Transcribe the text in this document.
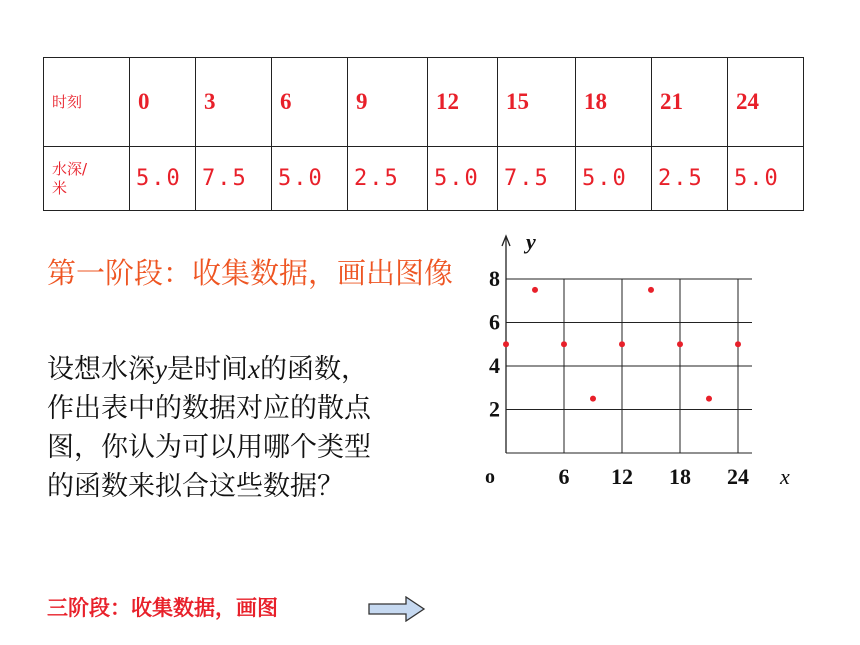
时刻	0	3	6	9	12	15	18	21	24

水深/
米	5.0	7.5	5.0	2.5	5.0	7.5	5.0	2.5	5.0
第一阶段：收集数据，画出图像
设想水深y是时间x的函数，作出表中的数据对应的散点图，你认为可以用哪个类型的函数来拟合这些数据？
y
x
o	6 12 18 24
2
4
6
8
三阶段：收集数据，画图
